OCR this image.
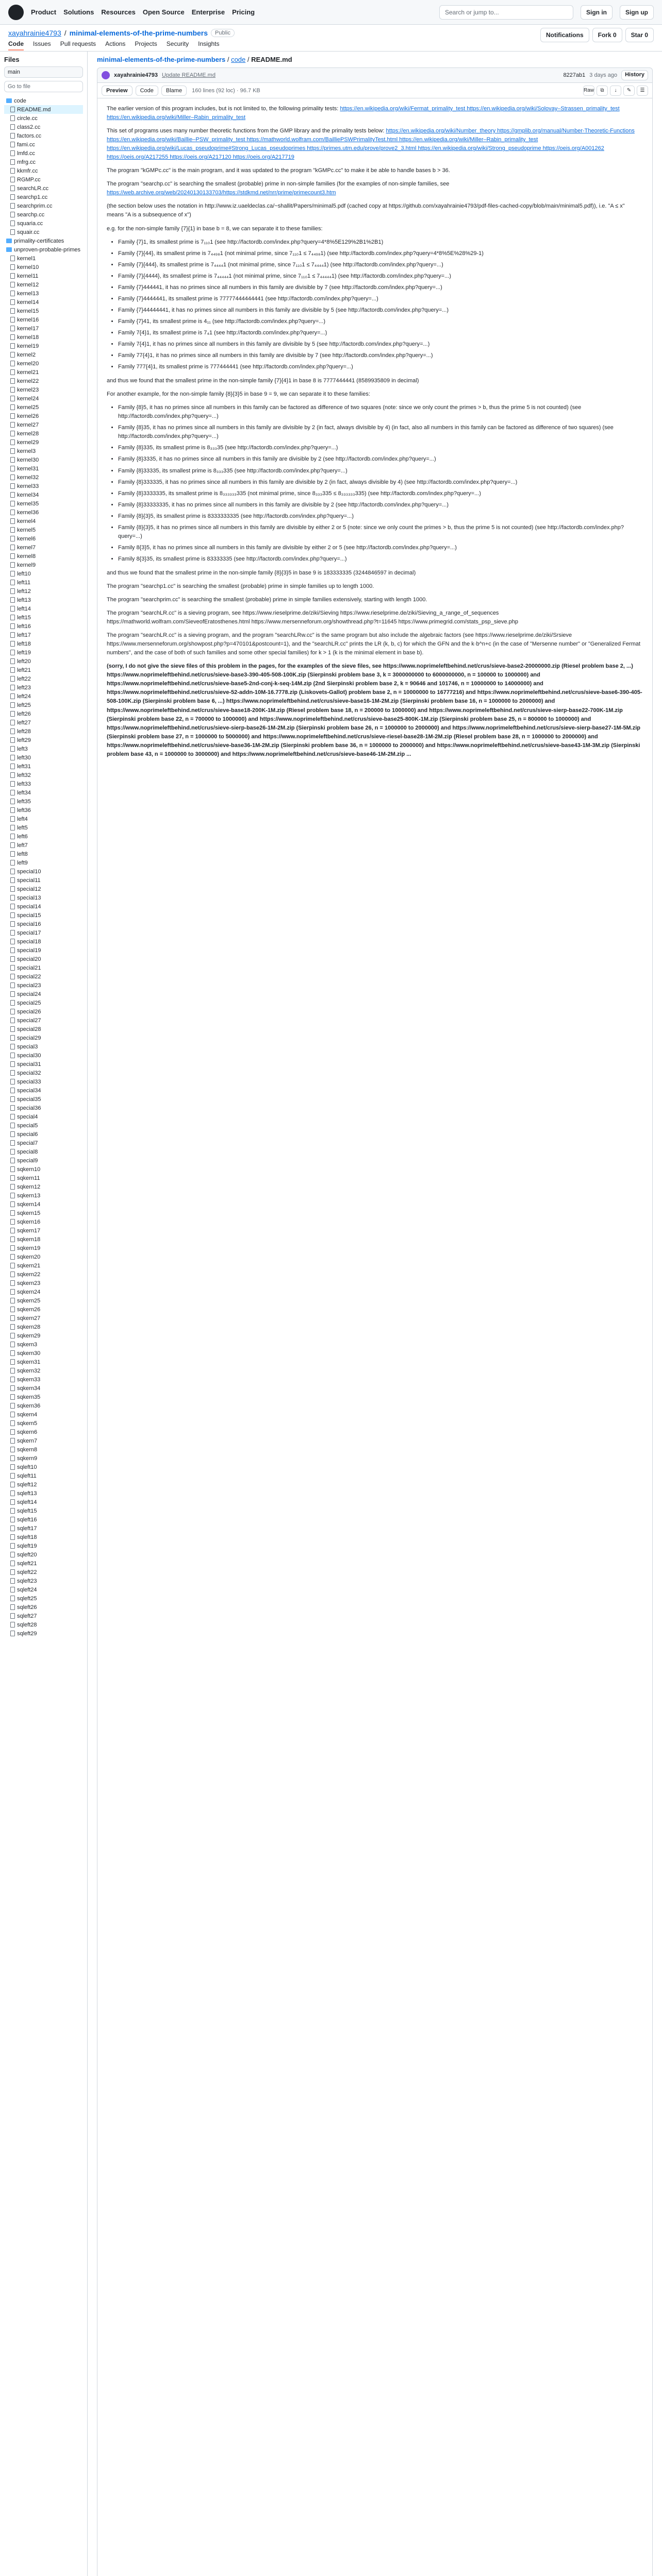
Product Solutions Resources Open Source Enterprise Pricing	Search or jump to...	Sign in	Sign up
xayahrainie4793 / minimal-elements-of-the-prime-numbers	Public	Notifications	Fork 0	Star 0
Code Issues Pull requests Actions Projects Security Insights
Files
main
Go to file
code
README.md
circle.cc
class2.cc
factors.cc
fami.cc
lmfd.cc
mfrg.cc
kkmfr.cc
RGMP.cc
searchLR.cc
searchp1.cc
searchprim.cc
searchp.cc
squaria.cc
squair.cc
primality-certificates
unproven-probable-primes
kernel1
kernel10
kernel11
kernel12
kernel13
kernel14
kernel15
kernel16
kernel17
kernel18
kernel19
kernel2
kernel20
kernel21
kernel22
kernel23
kernel24
kernel25
kernel26
kernel27
kernel28
kernel29
kernel3
kernel30
kernel31
kernel32
kernel33
kernel34
kernel35
kernel36
kernel4
kernel5
kernel6
kernel7
kernel8
kernel9
left10
left11
left12
left13
left14
left15
left16
left17
left18
left19
left20
left21
left22
left23
left24
left25
left26
left27
left28
left29
left3
left30
left31
left32
left33
left34
left35
left36
left4
left5
left6
left7
left8
left9
special10
special11
special12
special13
special14
special15
special16
special17
special18
special19
special20
special21
special22
special23
special24
special25
special26
special27
special28
special29
special3
special30
special31
special32
special33
special34
special35
special36
special4
special5
special6
special7
special8
special9
sqkern10
sqkern11
sqkern12
sqkern13
sqkern14
sqkern15
sqkern16
sqkern17
sqkern18
sqkern19
sqkern20
sqkern21
sqkern22
sqkern23
sqkern24
sqkern25
sqkern26
sqkern27
sqkern28
sqkern29
sqkern3
sqkern30
sqkern31
sqkern32
sqkern33
sqkern34
sqkern35
sqkern36
sqkern4
sqkern5
sqkern6
sqkern7
sqkern8
sqkern9
sqleft10
sqleft11
sqleft12
sqleft13
sqleft14
sqleft15
sqleft16
sqleft17
sqleft18
sqleft19
sqleft20
sqleft21
sqleft22
sqleft23
sqleft24
sqleft25
sqleft26
sqleft27
sqleft28
sqleft29
minimal-elements-of-the-prime-numbers / code / README.md
xayahrainie4793 Update README.md	8227ab1 3 days ago	History
Preview	Code	Blame	160 lines (92 loc) · 96.7 KB	Raw	⧉	↓	✎	☰

The earlier version of this program includes, but is not limited to, the following primality tests: https://en.wikipedia.org/wiki/Fermat_primality_test https://en.wikipedia.org/wiki/Solovay–Strassen_primality_test https://en.wikipedia.org/wiki/Miller–Rabin_primality_test

This set of programs uses many number theoretic functions from the GMP library and the primality tests below: https://en.wikipedia.org/wiki/Number_theory https://gmplib.org/manual/Number-Theoretic-Functions https://en.wikipedia.org/wiki/Baillie–PSW_primality_test https://mathworld.wolfram.com/BailliePSWPrimalityTest.html https://en.wikipedia.org/wiki/Miller–Rabin_primality_test https://en.wikipedia.org/wiki/Lucas_pseudoprime#Strong_Lucas_pseudoprimes https://primes.utm.edu/prove/prove2_3.html https://en.wikipedia.org/wiki/Strong_pseudoprime https://oeis.org/A001262 https://oeis.org/A217255 https://oeis.org/A217120 https://oeis.org/A217719

The program "kGMPc.cc" is the main program, and it was updated to the program "kGMPc.cc" to make it be able to handle bases b > 36.

The program "searchp.cc" is searching the smallest (probable) prime in non-simple families (for the examples of non-simple families, see https://web.archive.org/web/20240130133703/https://stdkmd.net/nrr/prime/primecount3.htm

(the section below uses the notation in http://www.iz.uaeldeclas.ca/~shallit/Papers/minimal5.pdf (cached copy at https://github.com/xayahrainie4793/pdf-files-cached-copy/blob/main/minimal5.pdf)), i.e. "A ≤ x" means "A is a subsequence of x")

e.g. for the non-simple family {7}{1} in base b = 8, we can separate it to these families:

• Family {7}1, its smallest prime is 7₁₁₀1 (see http://factordb.com/index.php?query=4*8%5E129%2B1%2B1)
• Family {7}{44}, its smallest prime is 7₄₄₉₈1 (not minimal prime, since 7₁₁₀1 ≤ 7₄₄₉₈1) (see http://factordb.com/index.php?query=4*8%5E%28%29-1)
• Family {7}{444}, its smallest prime is 7₄₄₄₄1 (not minimal prime, since 7₁₁₀1 ≤ 7₄₄₄₄1) (see http://factordb.com/index.php?query=...)
• Family {7}{4444}, its smallest prime is 7₄₄₄₄₄1 (not minimal prime, since 7₁₁₀1 ≤ 7₄₄₄₄₄1) (see http://factordb.com/index.php?query=...)
• Family {7}444441, it has no primes since all numbers in this family are divisible by 7 (see http://factordb.com/index.php?query=...)
• Family {7}4444441, its smallest prime is 77777444444441 (see http://factordb.com/index.php?query=...)
• Family {7}44444441, it has no primes since all numbers in this family are divisible by 5 (see http://factordb.com/index.php?query=...)
• Family {7}41, its smallest prime is 4₁₁ (see http://factordb.com/index.php?query=...)
• Family 7{4}1, its smallest prime is 7₄1 (see http://factordb.com/index.php?query=...)
• Family 7{4}1, it has no primes since all numbers in this family are divisible by 5 (see http://factordb.com/index.php?query=...)
• Family 77{4}1, it has no primes since all numbers in this family are divisible by 7 (see http://factordb.com/index.php?query=...)
• Family 777{4}1, its smallest prime is 777444441 (see http://factordb.com/index.php?query=...)

and thus we found that the smallest prime in the non-simple family {7}{4}1 in base 8 is 7777444441 (8589935809 in decimal)

For another example, for the non-simple family {8}{3}5 in base 9 = 9, we can separate it to these families:

• Family {8}5, it has no primes since all numbers in this family can be factored as difference of two squares (note: since we only count the primes > b, thus the prime 5 is not counted) (see http://factordb.com/index.php?query=...)
• Family {8}35, it has no primes since all numbers in this family are divisible by 2 (in fact, always divisible by 4) (in fact, also all numbers in this family can be factored as difference of two squares) (see http://factordb.com/index.php?query=...)
• Family {8}335, its smallest prime is 8₃₃₃35 (see http://factordb.com/index.php?query=...)
• Family {8}3335, it has no primes since all numbers in this family are divisible by 2 (see http://factordb.com/index.php?query=...)
• Family {8}33335, its smallest prime is 8₃₃₃335 (see http://factordb.com/index.php?query=...)
• Family {8}333335, it has no primes since all numbers in this family are divisible by 2 (in fact, always divisible by 4) (see http://factordb.com/index.php?query=...)
• Family {8}3333335, its smallest prime is 8₃₃₃₃₃₃335 (not minimal prime, since 8₃₃₃335 ≤ 8₃₃₃₃₃₃335) (see http://factordb.com/index.php?query=...)
• Family {8}33333335, it has no primes since all numbers in this family are divisible by 2 (see http://factordb.com/index.php?query=...)
• Family {8}{3}5, its smallest prime is 8333333335 (see http://factordb.com/index.php?query=...)
• Family {8}{3}5, it has no primes since all numbers in this family are divisible by either 2 or 5 (note: since we only count the primes > b, thus the prime 5 is not counted) (see http://factordb.com/index.php?query=...)
• Family 8{3}5, it has no primes since all numbers in this family are divisible by either 2 or 5 (see http://factordb.com/index.php?query=...)
• Family 8{3}35, its smallest prime is 83333335 (see http://factordb.com/index.php?query=...)

and thus we found that the smallest prime in the non-simple family {8}{3}5 in base 9 is 183333335 (3244846597 in decimal)

The program "searchp1.cc" is searching the smallest (probable) prime in simple families up to length 1000.

The program "searchprim.cc" is searching the smallest (probable) prime in simple families extensively, starting with length 1000.

The program "searchLR.cc" is a sieving program, see https://www.rieselprime.de/ziki/Sieving https://www.rieselprime.de/ziki/Sieving_a_range_of_sequences https://mathworld.wolfram.com/SieveofEratosthenes.html https://www.mersenneforum.org/showthread.php?t=11645 https://www.primegrid.com/stats_psp_sieve.php

The program "searchLR.cc" is a sieving program, and the program "searchLRw.cc" is the same program but also include the algebraic factors (see https://www.rieselprime.de/ziki/Srsieve https://www.mersenneforum.org/showpost.php?p=470101&postcount=1), and the "searchLR.cc" prints the LR (k, b, c) for which the GFN and the k·b^n+c (in the case of "Mersenne number" or "Generalized Fermat numbers", and the case of both of such families and some other special families) for k > 1 (k is the minimal element in base b).

(sorry, I do not give the sieve files of this problem in the pages, for the examples of the sieve files, see https://www.noprimeleftbehind.net/crus/sieve-base2-20000000.zip (Riesel problem base 2, ...) https://www.noprimeleftbehind.net/crus/sieve-base3-390-405-508-100K.zip (Sierpinski problem base 3, k = 3000000000 to 6000000000, n = 100000 to 1000000) and https://www.noprimeleftbehind.net/crus/sieve-base5-2nd-conj-k-seq-14M.zip (2nd Sierpinski problem base 2, k = 90646 and 101746, n = 10000000 to 14000000) and https://www.noprimeleftbehind.net/crus/sieve-52-addn-10M-16.7778.zip (Liskovets-Gallot) problem base 2, n = 10000000 to 16777216) and https://www.noprimeleftbehind.net/crus/sieve-base6-390-405-508-100K.zip (Sierpinski problem base 6, ...) https://www.noprimeleftbehind.net/crus/sieve-base16-1M-2M.zip (Sierpinski problem base 16, n = 1000000 to 2000000) and https://www.noprimeleftbehind.net/crus/sieve-base18-200K-1M.zip (Riesel problem base 18, n = 200000 to 1000000) and https://www.noprimeleftbehind.net/crus/sieve-sierp-base22-700K-1M.zip (Sierpinski problem base 22, n = 700000 to 1000000) and https://www.noprimeleftbehind.net/crus/sieve-base25-800K-1M.zip (Sierpinski problem base 25, n = 800000 to 1000000) and https://www.noprimeleftbehind.net/crus/sieve-sierp-base26-1M-2M.zip (Sierpinski problem base 26, n = 1000000 to 2000000) and https://www.noprimeleftbehind.net/crus/sieve-sierp-base27-1M-5M.zip (Sierpinski problem base 27, n = 1000000 to 5000000) and https://www.noprimeleftbehind.net/crus/sieve-riesel-base28-1M-2M.zip (Riesel problem base 28, n = 1000000 to 2000000) and https://www.noprimeleftbehind.net/crus/sieve-base36-1M-2M.zip (Sierpinski problem base 36, n = 1000000 to 2000000) and https://www.noprimeleftbehind.net/crus/sieve-base43-1M-3M.zip (Sierpinski problem base 43, n = 1000000 to 3000000) and https://www.noprimeleftbehind.net/crus/sieve-base46-1M-2M.zip ...
